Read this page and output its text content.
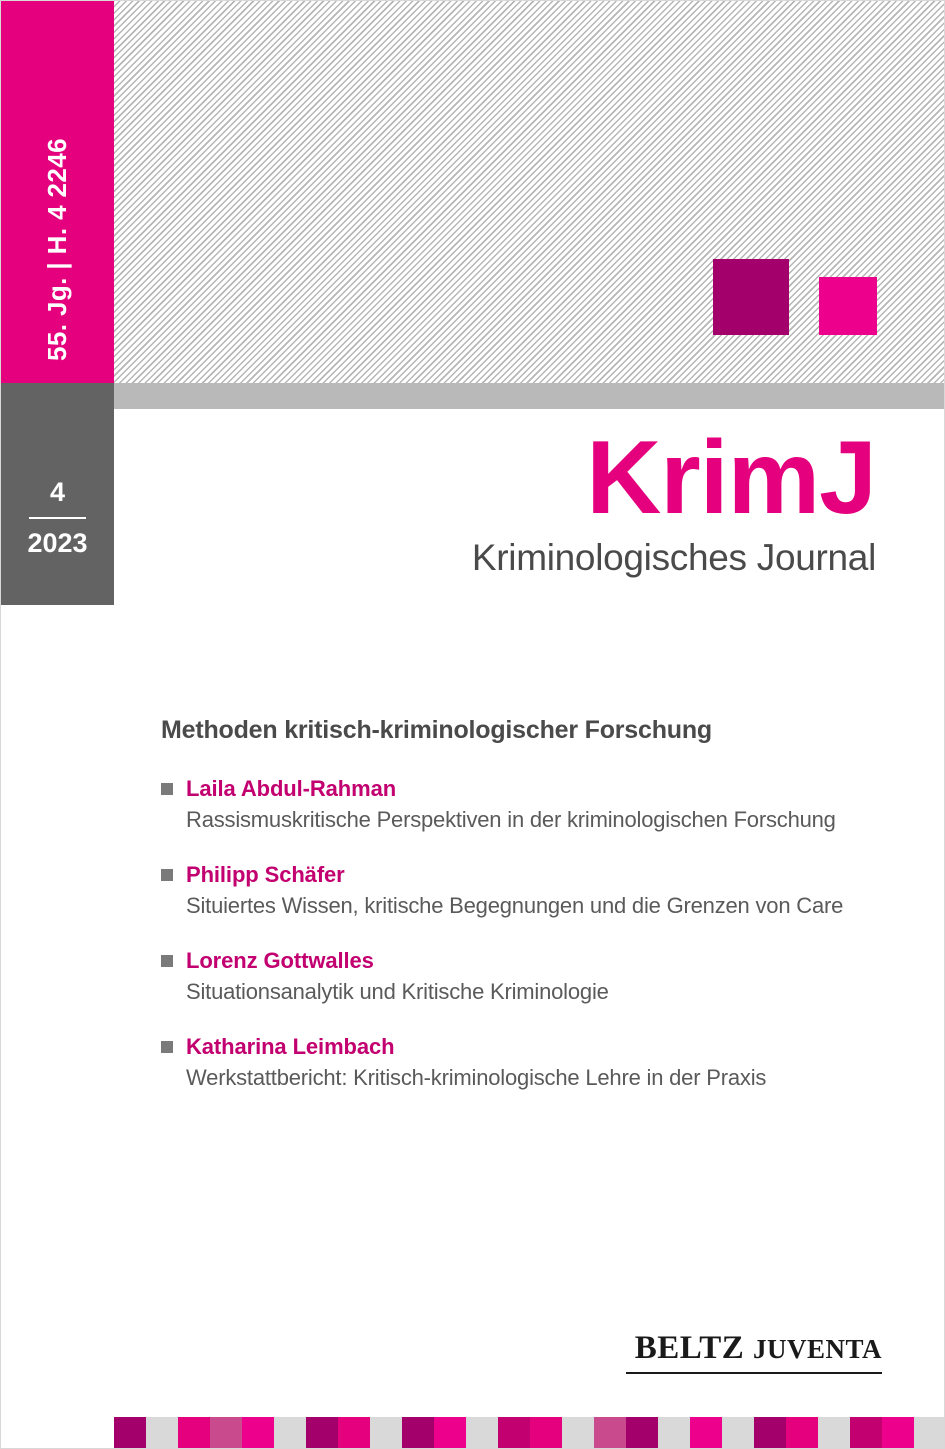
55. Jg. | H. 4 2246
4
2023
KrimJ
Kriminologisches Journal
Methoden kritisch-kriminologischer Forschung
Laila Abdul-Rahman
Rassismuskritische Perspektiven in der kriminologischen Forschung
Philipp Schäfer
Situiertes Wissen, kritische Begegnungen und die Grenzen von Care
Lorenz Gottwalles
Situationsanalytik und Kritische Kriminologie
Katharina Leimbach
Werkstattbericht: Kritisch-kriminologische Lehre in der Praxis
BELTZ JUVENTA
